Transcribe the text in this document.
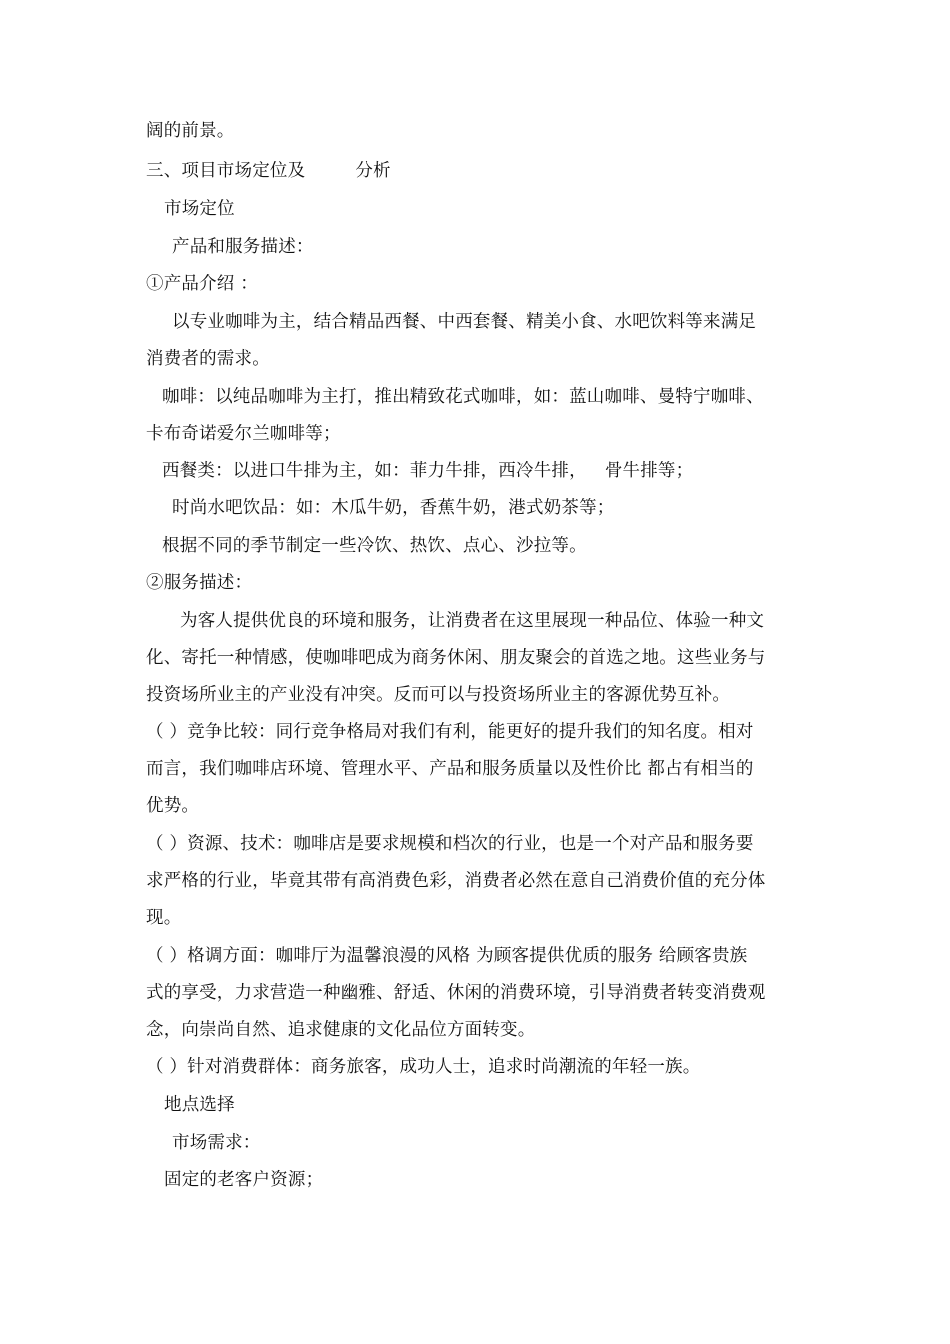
阔的前景。
三、项目市场定位及	分析
市场定位
产品和服务描述：
①产品介绍 ：
以专业咖啡为主，结合精品西餐、中西套餐、精美小食、水吧饮料等来满足
消费者的需求。
咖啡：以纯品咖啡为主打，推出精致花式咖啡，如：蓝山咖啡、曼特宁咖啡、
卡布奇诺爱尔兰咖啡等；
西餐类：以进口牛排为主，如：菲力牛排，西冷牛排， 骨牛排等；
时尚水吧饮品：如：木瓜牛奶，香蕉牛奶，港式奶茶等；
根据不同的季节制定一些冷饮、热饮、点心、沙拉等。
②服务描述：
为客人提供优良的环境和服务，让消费者在这里展现一种品位、体验一种文
化、寄托一种情感，使咖啡吧成为商务休闲、朋友聚会的首选之地。这些业务与
投资场所业主的产业没有冲突。反而可以与投资场所业主的客源优势互补。
（ ）竞争比较：同行竞争格局对我们有利，能更好的提升我们的知名度。相对
而言，我们咖啡店环境、管理水平、产品和服务质量以及性价比 都占有相当的
优势。
（ ）资源、技术：咖啡店是要求规模和档次的行业，也是一个对产品和服务要
求严格的行业，毕竟其带有高消费色彩，消费者必然在意自己消费价值的充分体
现。
（ ）格调方面：咖啡厅为温馨浪漫的风格 为顾客提供优质的服务 给顾客贵族
式的享受，力求营造一种幽雅、舒适、休闲的消费环境，引导消费者转变消费观
念，向崇尚自然、追求健康的文化品位方面转变。
（ ）针对消费群体：商务旅客，成功人士，追求时尚潮流的年轻一族。
地点选择
市场需求：
固定的老客户资源；
